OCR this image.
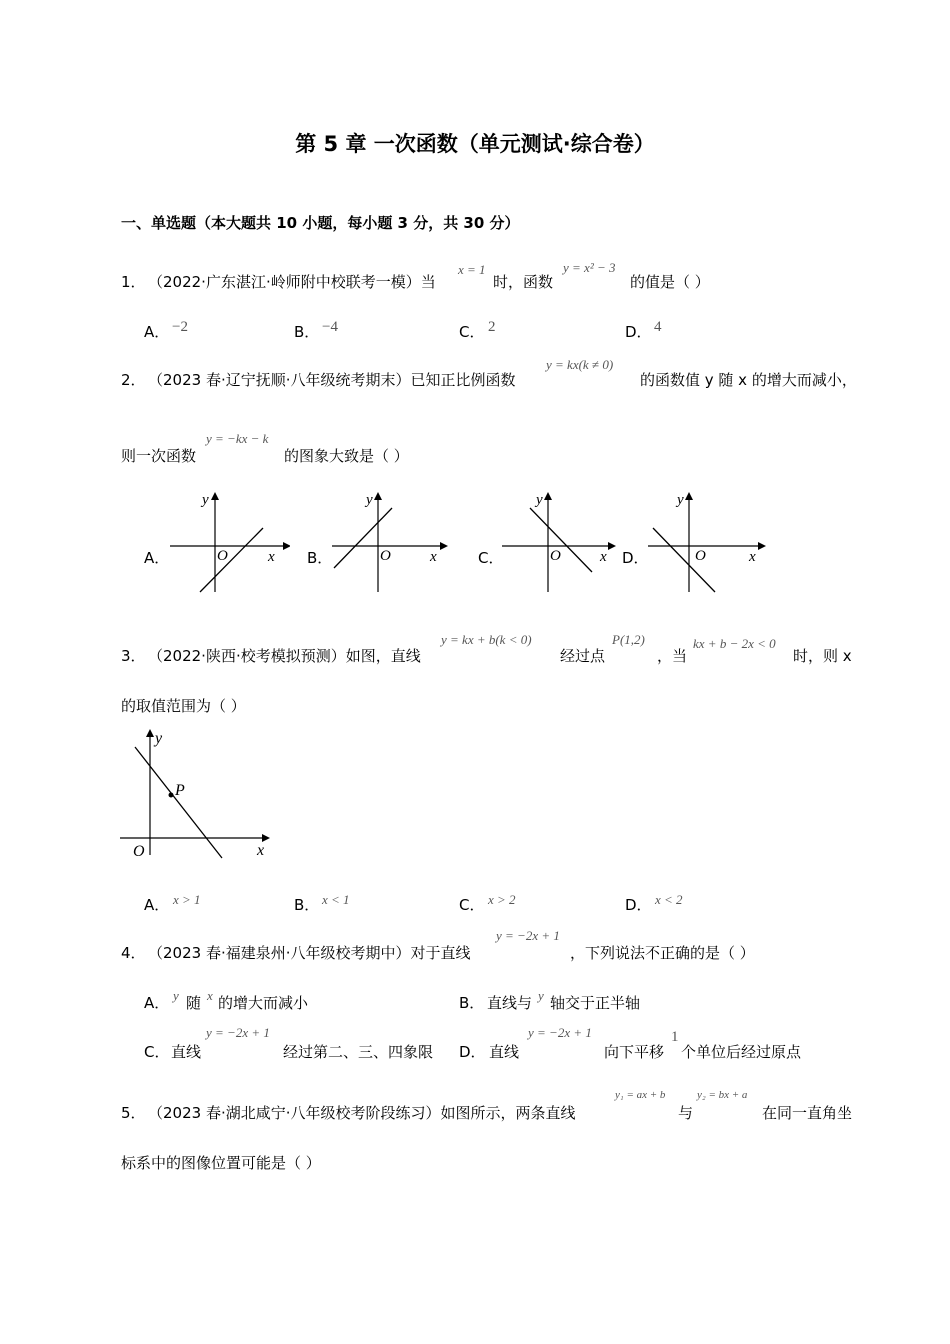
第 5 章 一次函数（单元测试·综合卷）
一、单选题（本大题共 10 小题，每小题 3 分，共 30 分）
1． （2022·广东湛江·岭师附中校联考一模）当
x = 1
时，函数
y = x² − 3
的值是（ ）
A． −2	B． −4	C． 2	D． 4
2． （2023 春·辽宁抚顺·八年级统考期末）已知正比例函数
y = kx(k ≠ 0)
的函数值 y 随 x 的增大而减小，
则一次函数
y = −kx − k
的图象大致是（ ）
A．
y
O	x B．
y
O	x	C．
y
O	x D．
y
O	x
3． （2022·陕西·校考模拟预测）如图，直线
y = kx + b(k < 0)
经过点
P(1,2)
，当
kx + b − 2x < 0
时，则 x
的取值范围为（ ）
y
P
O	x
A． x > 1	B． x < 1	C． x > 2	D． x < 2
4． （2023 春·福建泉州·八年级校考期中）对于直线
y = −2x + 1
，下列说法不正确的是（ ）
A． y 随 x 的增大而减小	B． 直线与 y 轴交于正半轴
C． 直线
y = −2x + 1
经过第二、三、四象限 D． 直线
y = −2x + 1
向下平移
1
个单位后经过原点
5． （2023 春·湖北咸宁·八年级校考阶段练习）如图所示，两条直线
y₁ = ax + b
与
y₂ = bx + a
在同一直角坐
标系中的图像位置可能是（ ）
